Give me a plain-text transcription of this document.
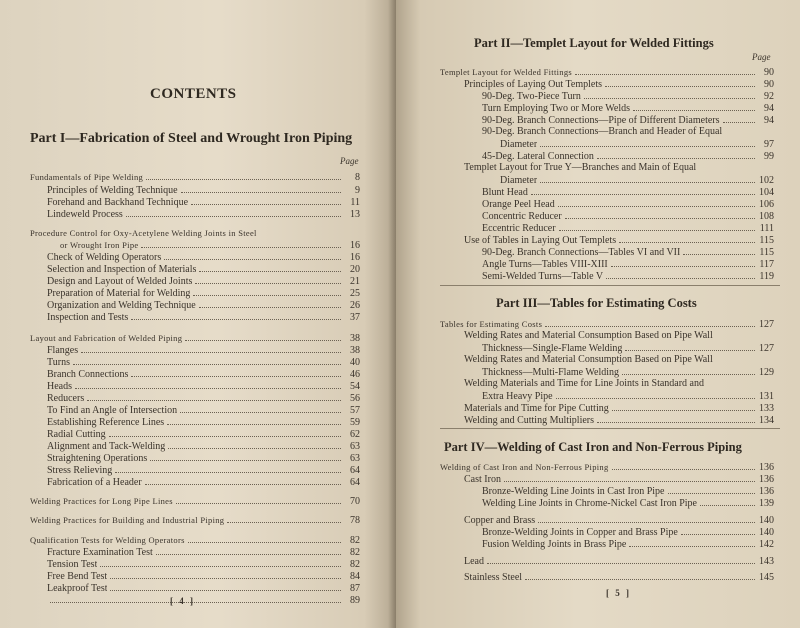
CONTENTS
Part I—Fabrication of Steel and Wrought Iron Piping
Page
Fundamentals of Pipe Welding	8
Principles of Welding Technique	9
Forehand and Backhand Technique	11
Lindeweld Process	13
Procedure Control for Oxy-Acetylene Welding Joints in Steel
or Wrought Iron Pipe	16
Check of Welding Operators	16
Selection and Inspection of Materials	20
Design and Layout of Welded Joints	21
Preparation of Material for Welding	25
Organization and Welding Technique	26
Inspection and Tests	37
Layout and Fabrication of Welded Piping	38
Flanges	38
Turns	40
Branch Connections	46
Heads	54
Reducers	56
To Find an Angle of Intersection	57
Establishing Reference Lines	59
Radial Cutting	62
Alignment and Tack-Welding	63
Straightening Operations	63
Stress Relieving	64
Fabrication of a Header	64
Welding Practices for Long Pipe Lines	70
Welding Practices for Building and Industrial Piping	78
Qualification Tests for Welding Operators	82
Fracture Examination Test	82
Tension Test	82
Free Bend Test	84
Leakproof Test	87
89
[ 4 ]
Part II—Templet Layout for Welded Fittings
Page
Part III—Tables for Estimating Costs
Part IV—Welding of Cast Iron and Non-Ferrous Piping
Templet Layout for Welded Fittings	90
Principles of Laying Out Templets	90
90-Deg. Two-Piece Turn	92
Turn Employing Two or More Welds	94
90-Deg. Branch Connections—Pipe of Different Diameters	94
90-Deg. Branch Connections—Branch and Header of Equal
Diameter	97
45-Deg. Lateral Connection	99
Templet Layout for True Y—Branches and Main of Equal
Diameter	102
Blunt Head	104
Orange Peel Head	106
Concentric Reducer	108
Eccentric Reducer	111
Use of Tables in Laying Out Templets	115
90-Deg. Branch Connections—Tables VI and VII	115
Angle Turns—Tables VIII-XIII	117
Semi-Welded Turns—Table V	119
Tables for Estimating Costs	127
Welding Rates and Material Consumption Based on Pipe Wall
Thickness—Single-Flame Welding	127
Welding Rates and Material Consumption Based on Pipe Wall
Thickness—Multi-Flame Welding	129
Welding Materials and Time for Line Joints in Standard and
Extra Heavy Pipe	131
Materials and Time for Pipe Cutting	133
Welding and Cutting Multipliers	134
Welding of Cast Iron and Non-Ferrous Piping	136
Cast Iron	136
Bronze-Welding Line Joints in Cast Iron Pipe	136
Welding Line Joints in Chrome-Nickel Cast Iron Pipe	139
Copper and Brass	140
Bronze-Welding Joints in Copper and Brass Pipe	140
Fusion Welding Joints in Brass Pipe	142
Lead	143
Stainless Steel	145
[ 5 ]
